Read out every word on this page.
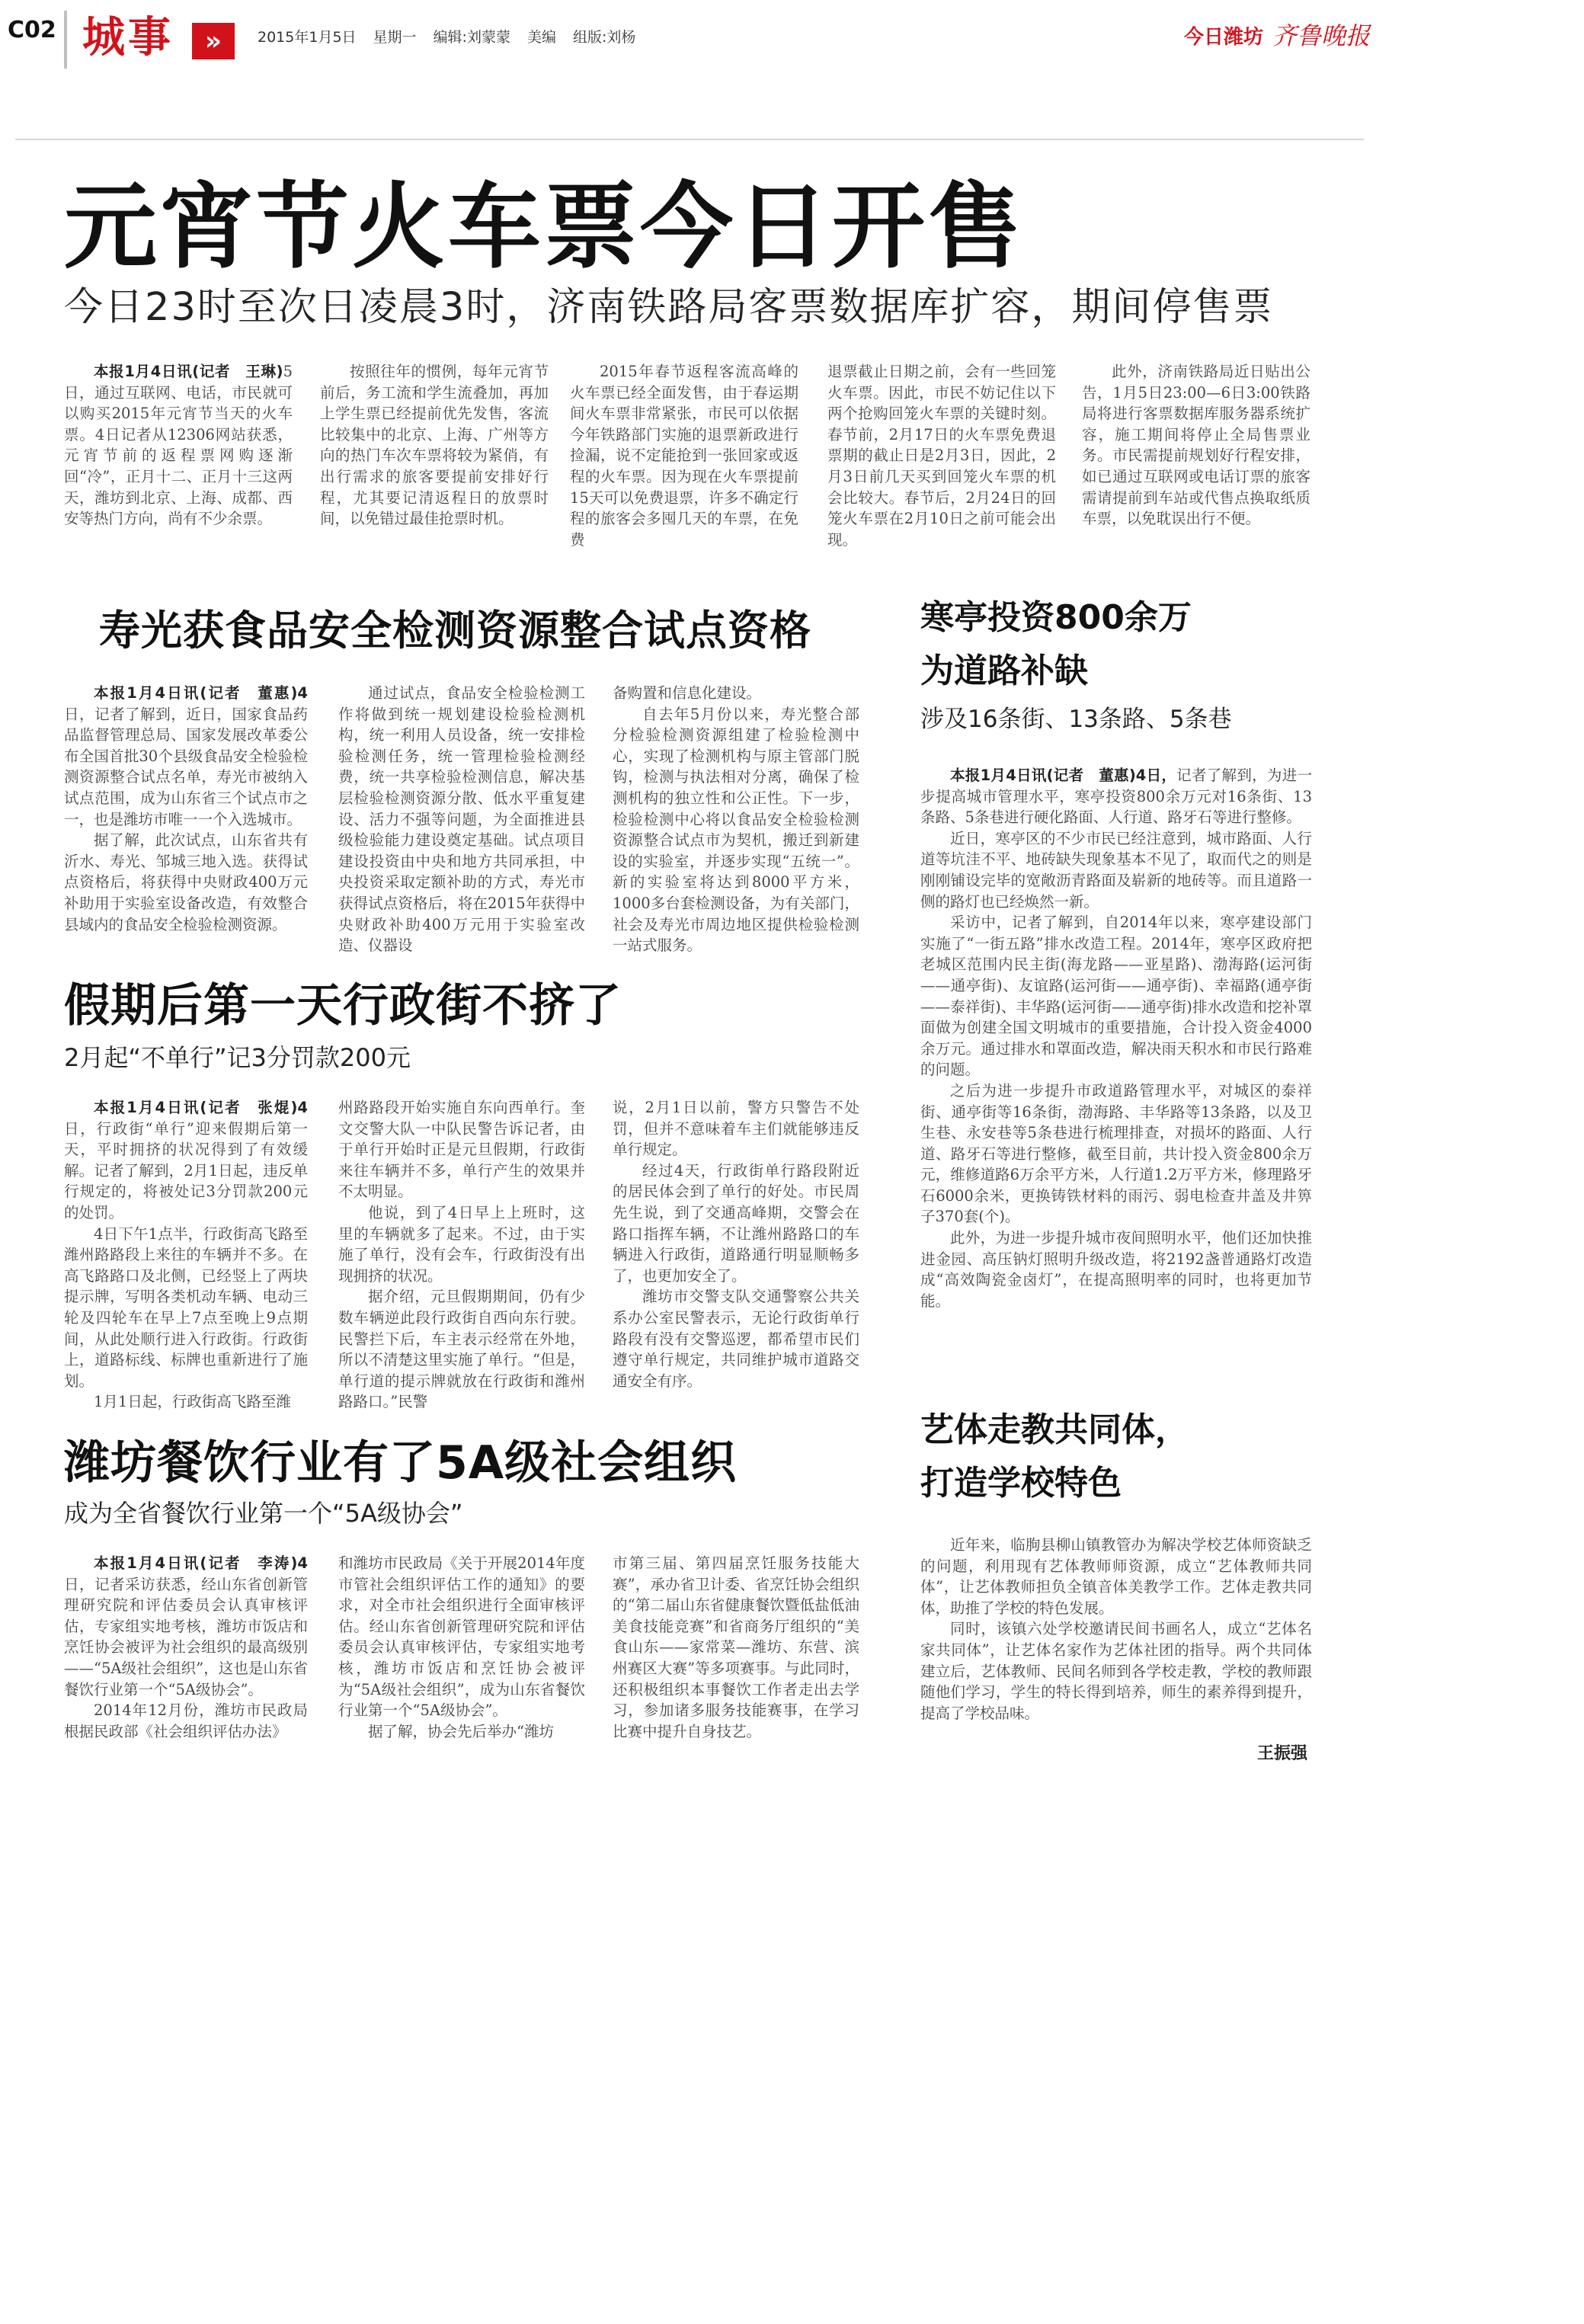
C02 城事	»	2015年1月5日 星期一 编辑:刘蒙蒙 美编 组版:刘杨	今日潍坊 齐鲁晚报
元宵节火车票今日开售
今日23时至次日凌晨3时，济南铁路局客票数据库扩容，期间停售票

本报1月4日讯(记者　王琳)5日，通过互联网、电话，市民就可以购买2015年元宵节当天的火车票。4日记者从12306网站获悉，元宵节前的返程票网购逐渐回“冷”，正月十二、正月十三这两天，潍坊到北京、上海、成都、西安等热门方向，尚有不少余票。

按照往年的惯例，每年元宵节前后，务工流和学生流叠加，再加上学生票已经提前优先发售，客流比较集中的北京、上海、广州等方向的热门车次车票将较为紧俏，有出行需求的旅客要提前安排好行程，尤其要记清返程日的放票时间，以免错过最佳抢票时机。

2015年春节返程客流高峰的火车票已经全面发售，由于春运期间火车票非常紧张，市民可以依据今年铁路部门实施的退票新政进行捡漏，说不定能抢到一张回家或返程的火车票。因为现在火车票提前15天可以免费退票，许多不确定行程的旅客会多囤几天的车票，在免费

退票截止日期之前，会有一些回笼火车票。因此，市民不妨记住以下两个抢购回笼火车票的关键时刻。春节前，2月17日的火车票免费退票期的截止日是2月3日，因此，2月3日前几天买到回笼火车票的机会比较大。春节后，2月24日的回笼火车票在2月10日之前可能会出现。

此外，济南铁路局近日贴出公告，1月5日23:00—6日3:00铁路局将进行客票数据库服务器系统扩容，施工期间将停止全局售票业务。市民需提前规划好行程安排，如已通过互联网或电话订票的旅客需请提前到车站或代售点换取纸质车票，以免耽误出行不便。

寿光获食品安全检测资源整合试点资格

本报1月4日讯(记者　董惠)4日，记者了解到，近日，国家食品药品监督管理总局、国家发展改革委公布全国首批30个县级食品安全检验检测资源整合试点名单，寿光市被纳入试点范围，成为山东省三个试点市之一，也是潍坊市唯一一个入选城市。

据了解，此次试点，山东省共有沂水、寿光、邹城三地入选。获得试点资格后，将获得中央财政400万元补助用于实验室设备改造，有效整合县域内的食品安全检验检测资源。

通过试点，食品安全检验检测工作将做到统一规划建设检验检测机构，统一利用人员设备，统一安排检验检测任务，统一管理检验检测经费，统一共享检验检测信息，解决基层检验检测资源分散、低水平重复建设、活力不强等问题，为全面推进县级检验能力建设奠定基础。试点项目建设投资由中央和地方共同承担，中央投资采取定额补助的方式，寿光市获得试点资格后，将在2015年获得中央财政补助400万元用于实验室改造、仪器设

备购置和信息化建设。

自去年5月份以来，寿光整合部分检验检测资源组建了检验检测中心，实现了检测机构与原主管部门脱钩，检测与执法相对分离，确保了检测机构的独立性和公正性。下一步，检验检测中心将以食品安全检验检测资源整合试点市为契机，搬迁到新建设的实验室，并逐步实现“五统一”。新的实验室将达到8000平方米，1000多台套检测设备，为有关部门，社会及寿光市周边地区提供检验检测一站式服务。

假期后第一天行政街不挤了
2月起“不单行”记3分罚款200元

本报1月4日讯(记者　张焜)4日，行政街“单行”迎来假期后第一天，平时拥挤的状况得到了有效缓解。记者了解到，2月1日起，违反单行规定的，将被处记3分罚款200元的处罚。

4日下午1点半，行政街高飞路至潍州路路段上来往的车辆并不多。在高飞路路口及北侧，已经竖上了两块提示牌，写明各类机动车辆、电动三轮及四轮车在早上7点至晚上9点期间，从此处顺行进入行政街。行政街上，道路标线、标牌也重新进行了施划。

1月1日起，行政街高飞路至潍

州路路段开始实施自东向西单行。奎文交警大队一中队民警告诉记者，由于单行开始时正是元旦假期，行政街来往车辆并不多，单行产生的效果并不太明显。

他说，到了4日早上上班时，这里的车辆就多了起来。不过，由于实施了单行，没有会车，行政街没有出现拥挤的状况。

据介绍，元旦假期期间，仍有少数车辆逆此段行政街自西向东行驶。民警拦下后，车主表示经常在外地，所以不清楚这里实施了单行。“但是，单行道的提示牌就放在行政街和潍州路路口。”民警

说，2月1日以前，警方只警告不处罚，但并不意味着车主们就能够违反单行规定。

经过4天，行政街单行路段附近的居民体会到了单行的好处。市民周先生说，到了交通高峰期，交警会在路口指挥车辆，不让潍州路路口的车辆进入行政街，道路通行明显顺畅多了，也更加安全了。

潍坊市交警支队交通警察公共关系办公室民警表示，无论行政街单行路段有没有交警巡逻，都希望市民们遵守单行规定，共同维护城市道路交通安全有序。

潍坊餐饮行业有了5A级社会组织
成为全省餐饮行业第一个“5A级协会”

本报1月4日讯(记者　李涛)4日，记者采访获悉，经山东省创新管理研究院和评估委员会认真审核评估，专家组实地考核，潍坊市饭店和烹饪协会被评为社会组织的最高级别——“5A级社会组织”，这也是山东省餐饮行业第一个“5A级协会”。

2014年12月份，潍坊市民政局根据民政部《社会组织评估办法》

和潍坊市民政局《关于开展2014年度市管社会组织评估工作的通知》的要求，对全市社会组织进行全面审核评估。经山东省创新管理研究院和评估委员会认真审核评估，专家组实地考核，潍坊市饭店和烹饪协会被评为“5A级社会组织”，成为山东省餐饮行业第一个“5A级协会”。

据了解，协会先后举办“潍坊

市第三届、第四届烹饪服务技能大赛”，承办省卫计委、省烹饪协会组织的“第二届山东省健康餐饮暨低盐低油美食技能竞赛”和省商务厅组织的“美食山东——家常菜—潍坊、东营、滨州赛区大赛”等多项赛事。与此同时，还积极组织本事餐饮工作者走出去学习，参加诸多服务技能赛事，在学习比赛中提升自身技艺。

寒亭投资800余万
为道路补缺
涉及16条街、13条路、5条巷

本报1月4日讯(记者　董惠)4日，记者了解到，为进一步提高城市管理水平，寒亭投资800余万元对16条街、13条路、5条巷进行硬化路面、人行道、路牙石等进行整修。

近日，寒亭区的不少市民已经注意到，城市路面、人行道等坑洼不平、地砖缺失现象基本不见了，取而代之的则是刚刚铺设完毕的宽敞沥青路面及崭新的地砖等。而且道路一侧的路灯也已经焕然一新。

采访中，记者了解到，自2014年以来，寒亭建设部门实施了“一街五路”排水改造工程。2014年，寒亭区政府把老城区范围内民主街(海龙路——亚星路)、渤海路(运河街——通亭街)、友谊路(运河街——通亭街)、幸福路(通亭街——泰祥街)、丰华路(运河街——通亭街)排水改造和挖补罩面做为创建全国文明城市的重要措施，合计投入资金4000余万元。通过排水和罩面改造，解决雨天积水和市民行路难的问题。

之后为进一步提升市政道路管理水平，对城区的泰祥街、通亭街等16条街，渤海路、丰华路等13条路，以及卫生巷、永安巷等5条巷进行梳理排查，对损坏的路面、人行道、路牙石等进行整修，截至目前，共计投入资金800余万元，维修道路6万余平方米，人行道1.2万平方米，修理路牙石6000余米，更换铸铁材料的雨污、弱电检查井盖及井箅子370套(个)。

此外，为进一步提升城市夜间照明水平，他们还加快推进金园、高压钠灯照明升级改造，将2192盏普通路灯改造成“高效陶瓷金卤灯”，在提高照明率的同时，也将更加节能。

艺体走教共同体，
打造学校特色

近年来，临朐县柳山镇教管办为解决学校艺体师资缺乏的问题，利用现有艺体教师师资源，成立“艺体教师共同体”，让艺体教师担负全镇音体美教学工作。艺体走教共同体，助推了学校的特色发展。

同时，该镇六处学校邀请民间书画名人，成立“艺体名家共同体”，让艺体名家作为艺体社团的指导。两个共同体建立后，艺体教师、民间名师到各学校走教，学校的教师跟随他们学习，学生的特长得到培养，师生的素养得到提升，提高了学校品味。

王振强
